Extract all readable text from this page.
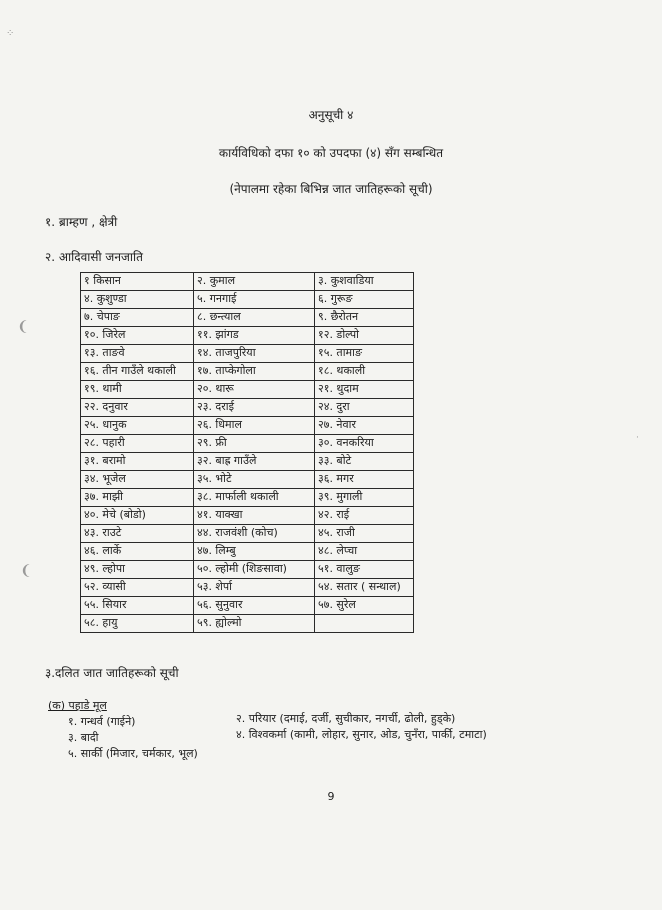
⁘
अनुसूची ४
कार्यविधिको दफा १० को उपदफा (४) सँग सम्बन्धित
(नेपालमा रहेका बिभिन्न जात जातिहरूको सूची)
१. ब्राम्हण , क्षेत्री
२. आदिवासी जनजाति
❨
१ किसान	२. कुमाल	३. कुशवाडिया
४. कुशुण्डा	५. गनगाई	६. गुरूङ
७. चेपाङ	८. छन्त्याल	९. छैरोतन
१०. जिरेल	११. झांगड	१२. डोल्पो
१३. ताङवे	१४. ताजपुरिया	१५. तामाङ
१६. तीन गाउँले थकाली	१७. ताप्केगोला	१८. थकाली
१९. थामी	२०. थारू	२१. थुदाम
२२. दनुवार	२३. दराई	२४. दुरा
२५. धानुक	२६. धिमाल	२७. नेवार
२८. पहारी	२९. फ्री	३०. वनकरिया
३१. बरामो	३२. बाह्र गाउँले	३३. बोटे
३४. भूजेल	३५. भोटे	३६. मगर
३७. माझी	३८. मार्फाली थकाली	३९. मुगाली
४०. मेचे (बोडो)	४१. याक्खा	४२. राई
४३. राउटे	४४. राजवंशी (कोच)	४५. राजी
४६. लार्के	४७. लिम्बु	४८. लेप्चा
४९. ल्होपा	५०. ल्होमी (शिङसावा)	५१. वालुङ
५२. व्यासी	५३. शेर्पा	५४. सतार ( सन्थाल)
५५. सियार	५६. सुनुवार	५७. सुरेल
५८. हायु	५९. ह्योल्मो	
❨
३.दलित जात जातिहरूको सूची
(क) पहाडे मूल
१. गन्धर्व (गाईने)
३. बादी
५. सार्की (मिजार, चर्मकार, भूल)
२. परियार (दमाई, दर्जी, सुचीकार, नगर्ची, ढोली, हुड्के)
४. विश्वकर्मा (कामी, लोहार, सुनार, ओड, चुनँरा, पार्की, टमाटा)
9
·
